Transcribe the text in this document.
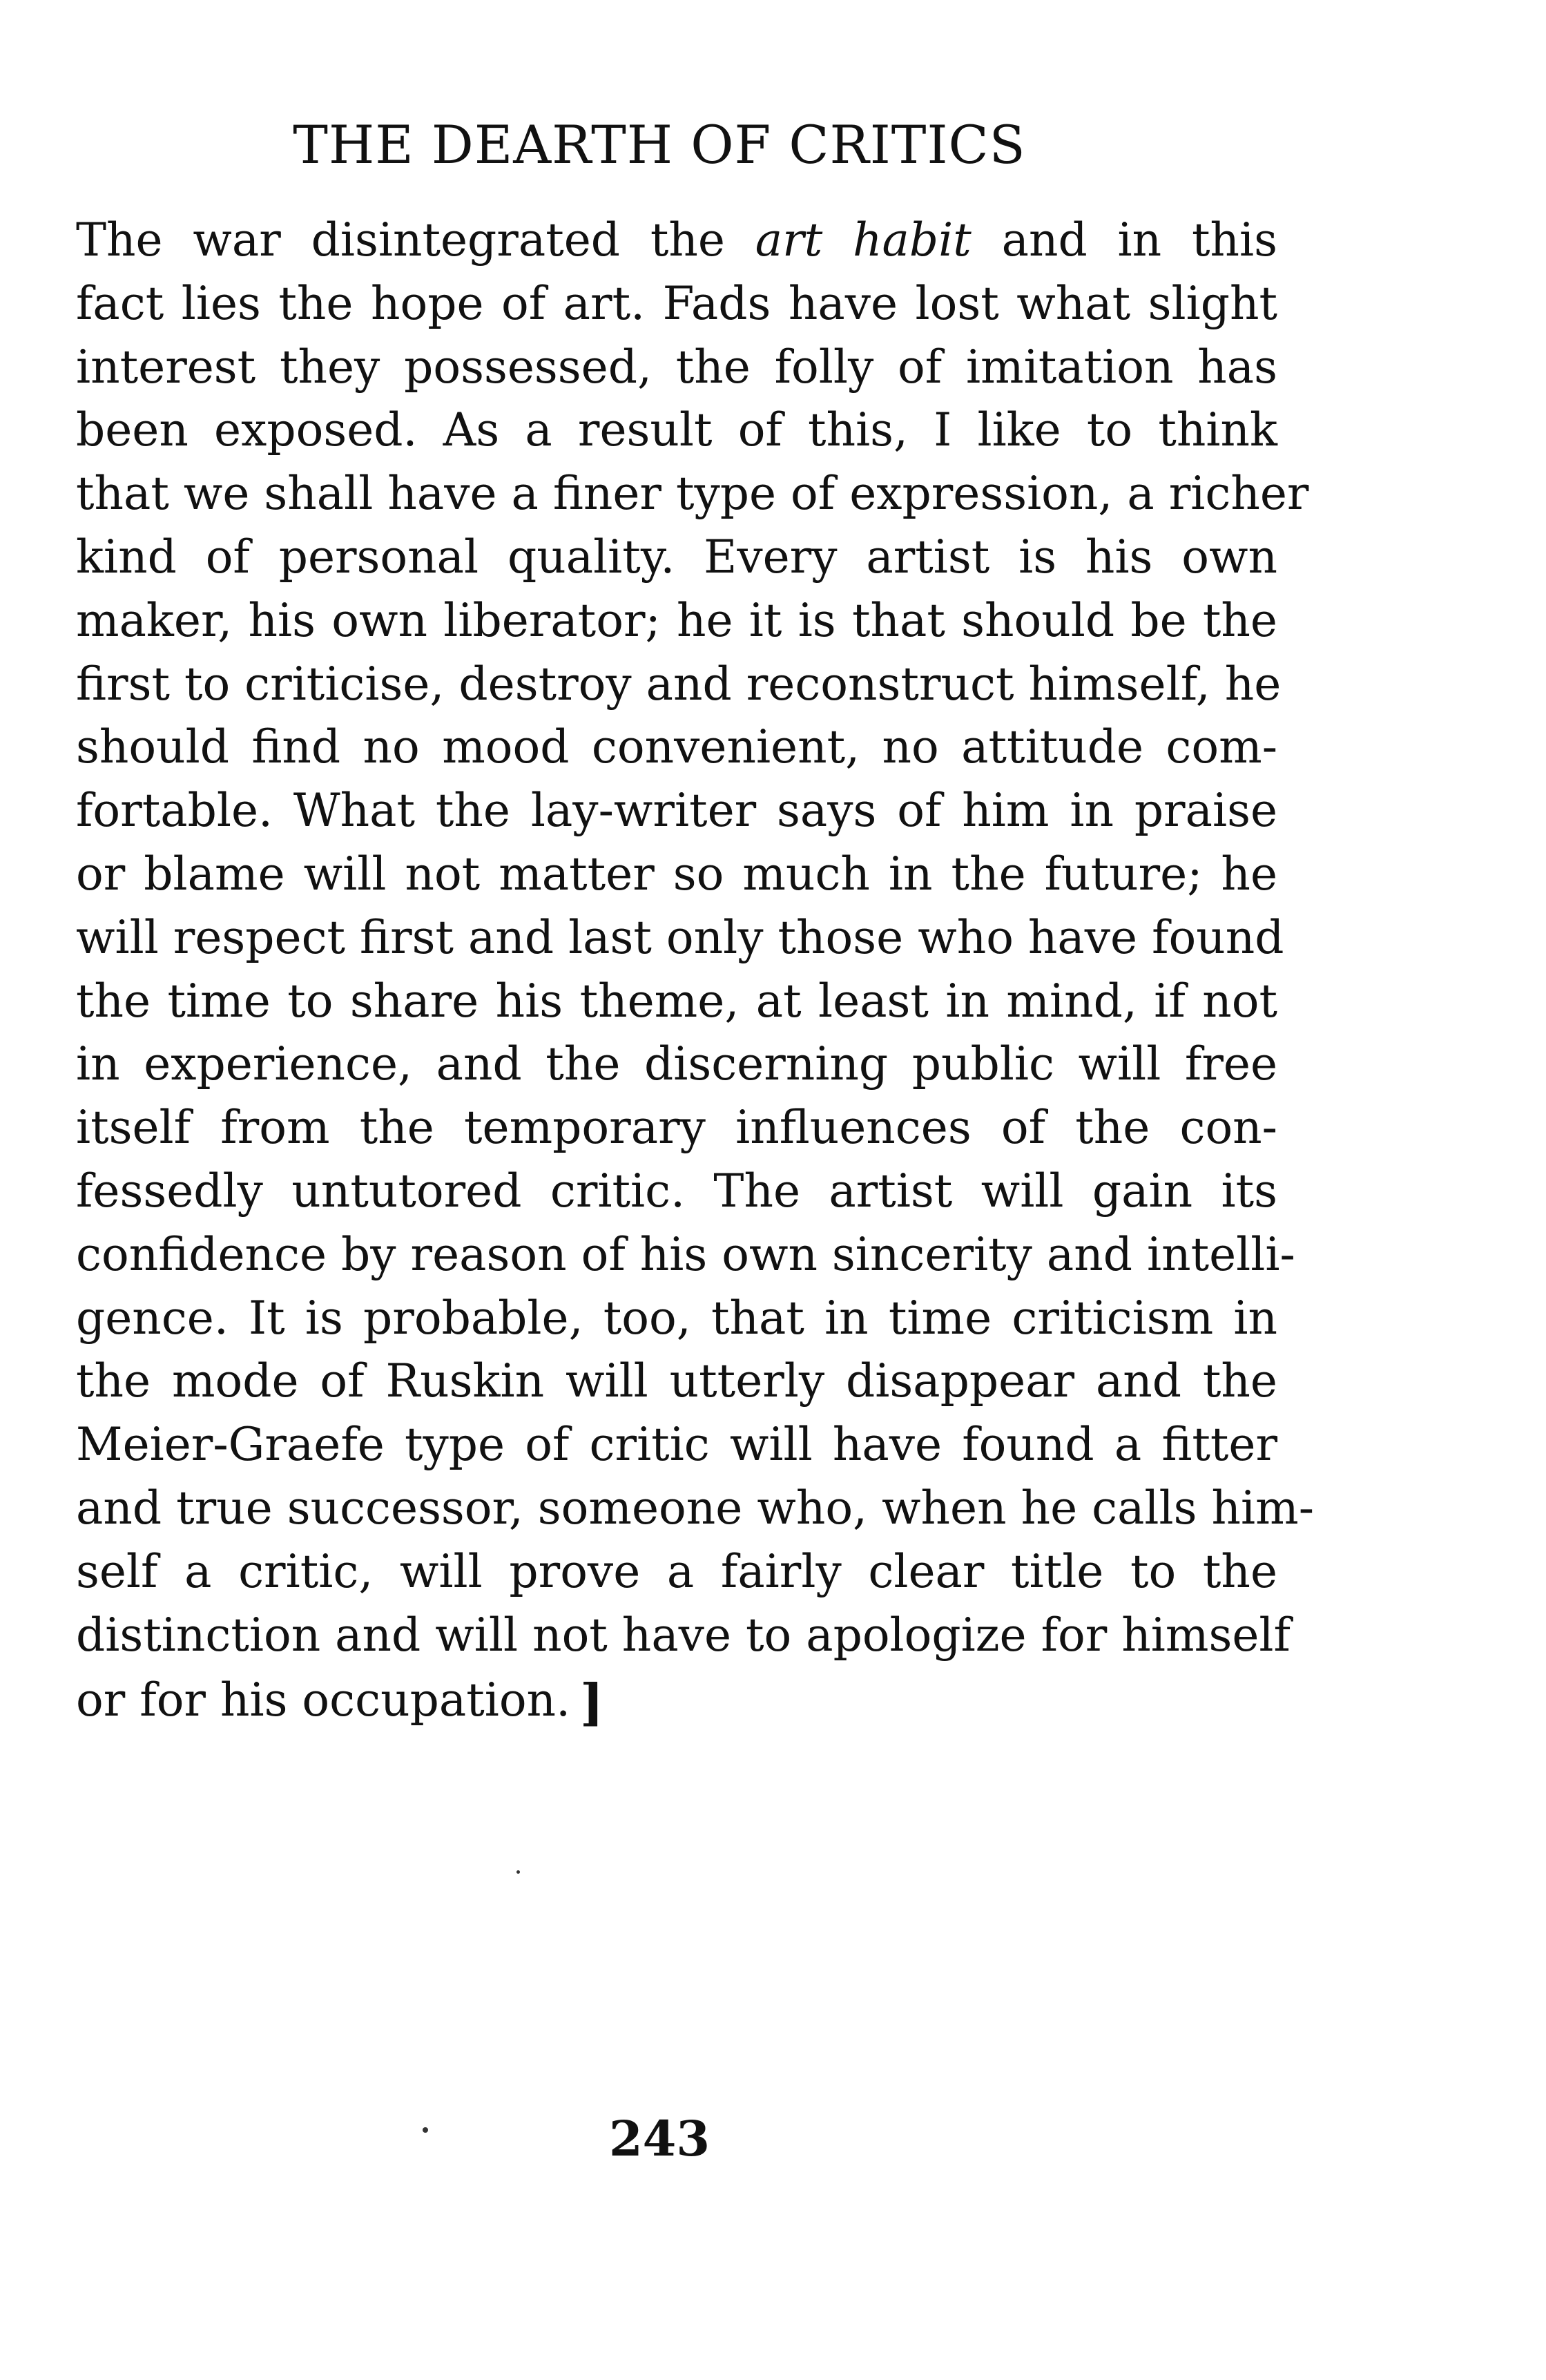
THE DEARTH OF CRITICS
The war disintegrated the art habit and in this
fact lies the hope of art. Fads have lost what slight
interest they possessed, the folly of imitation has
been exposed. As a result of this, I like to think
that we shall have a finer type of expression, a richer
kind of personal quality. Every artist is his own
maker, his own liberator; he it is that should be the
first to criticise, destroy and reconstruct himself, he
should find no mood convenient, no attitude com-
fortable. What the lay-writer says of him in praise
or blame will not matter so much in the future; he
will respect first and last only those who have found
the time to share his theme, at least in mind, if not
in experience, and the discerning public will free
itself from the temporary influences of the con-
fessedly untutored critic. The artist will gain its
confidence by reason of his own sincerity and intelli-
gence. It is probable, too, that in time criticism in
the mode of Ruskin will utterly disappear and the
Meier-Graefe type of critic will have found a fitter
and true successor, someone who, when he calls him-
self a critic, will prove a fairly clear title to the
distinction and will not have to apologize for himself
or for his occupation. ]
243
